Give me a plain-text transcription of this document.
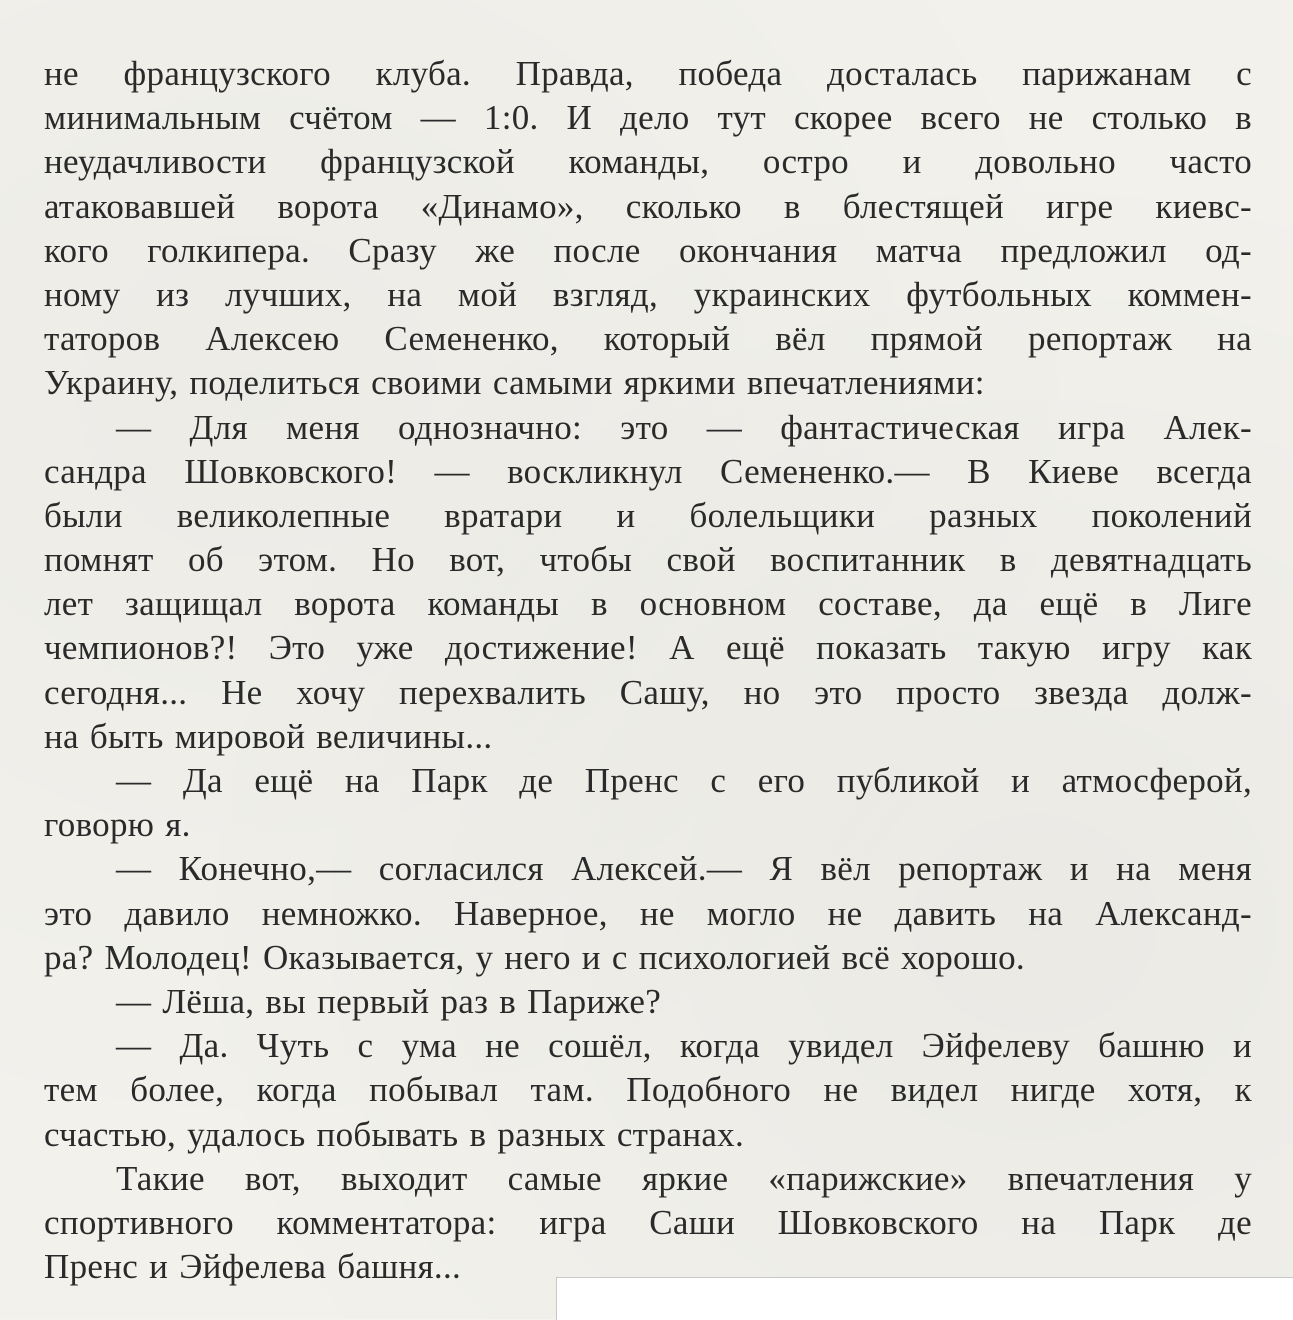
не французского клуба. Правда, победа досталась парижанам с
минимальным счётом — 1:0. И дело тут скорее всего не столько в
неудачливости французской команды, остро и довольно часто
атаковавшей ворота «Динамо», сколько в блестящей игре киевс-
кого голкипера. Сразу же после окончания матча предложил од-
ному из лучших, на мой взгляд, украинских футбольных коммен-
таторов Алексею Семененко, который вёл прямой репортаж на
Украину, поделиться своими самыми яркими впечатлениями:
— Для меня однозначно: это — фантастическая игра Алек-
сандра Шовковского! — воскликнул Семененко.— В Киеве всегда
были великолепные вратари и болельщики разных поколений
помнят об этом. Но вот, чтобы свой воспитанник в девятнадцать
лет защищал ворота команды в основном составе, да ещё в Лиге
чемпионов?! Это уже достижение! А ещё показать такую игру как
сегодня... Не хочу перехвалить Сашу, но это просто звезда долж-
на быть мировой величины...
— Да ещё на Парк де Пренс с его публикой и атмосферой,
говорю я.
— Конечно,— согласился Алексей.— Я вёл репортаж и на меня
это давило немножко. Наверное, не могло не давить на Александ-
ра? Молодец! Оказывается, у него и с психологией всё хорошо.
— Лёша, вы первый раз в Париже?
— Да. Чуть с ума не сошёл, когда увидел Эйфелеву башню и
тем более, когда побывал там. Подобного не видел нигде хотя, к
счастью, удалось побывать в разных странах.
Такие вот, выходит самые яркие «парижские» впечатления у
спортивного комментатора: игра Саши Шовковского на Парк де
Пренс и Эйфелева башня...
